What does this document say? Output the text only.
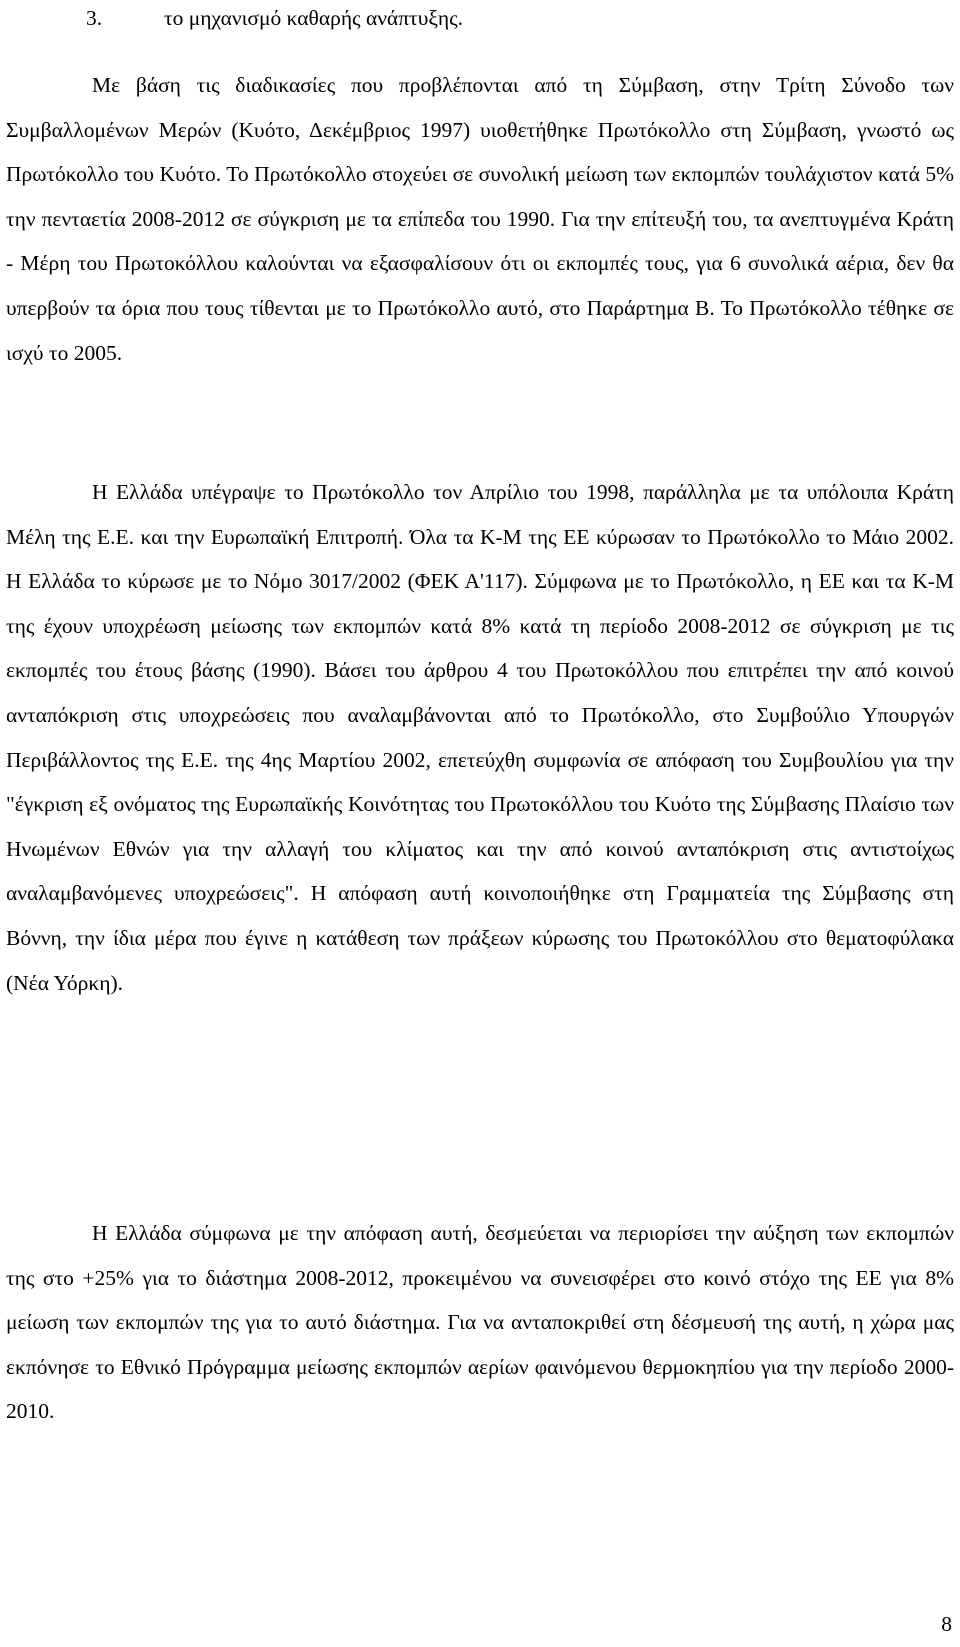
3.	το μηχανισμό καθαρής ανάπτυξης.

Με βάση τις διαδικασίες που προβλέπονται από τη Σύμβαση, στην Τρίτη Σύνοδο των Συμβαλλομένων Μερών (Κυότο, Δεκέμβριος 1997) υιοθετήθηκε Πρωτόκολλο στη Σύμβαση, γνωστό ως Πρωτόκολλο του Κυότο. Το Πρωτόκολλο στοχεύει σε συνολική μείωση των εκπομπών τουλάχιστον κατά 5% την πενταετία 2008-2012 σε σύγκριση με τα επίπεδα του 1990. Για την επίτευξή του, τα ανεπτυγμένα Κράτη - Μέρη του Πρωτοκόλλου καλούνται να εξασφαλίσουν ότι οι εκπομπές τους, για 6 συνολικά αέρια, δεν θα υπερβούν τα όρια που τους τίθενται με το Πρωτόκολλο αυτό, στο Παράρτημα Β. Το Πρωτόκολλο τέθηκε σε ισχύ το 2005.

Η Ελλάδα υπέγραψε το Πρωτόκολλο τον Απρίλιο του 1998, παράλληλα με τα υπόλοιπα Κράτη Μέλη της Ε.Ε. και την Ευρωπαϊκή Επιτροπή. Όλα τα Κ-Μ της ΕΕ κύρωσαν το Πρωτόκολλο το Μάιο 2002. Η Ελλάδα το κύρωσε με το Νόμο 3017/2002 (ΦΕΚ Α'117). Σύμφωνα με το Πρωτόκολλο, η ΕΕ και τα Κ-Μ της έχουν υποχρέωση μείωσης των εκπομπών κατά 8% κατά τη περίοδο 2008-2012 σε σύγκριση με τις εκπομπές του έτους βάσης (1990). Βάσει του άρθρου 4 του Πρωτοκόλλου που επιτρέπει την από κοινού ανταπόκριση στις υποχρεώσεις που αναλαμβάνονται από το Πρωτόκολλο, στο Συμβούλιο Υπουργών Περιβάλλοντος της Ε.Ε. της 4ης Μαρτίου 2002, επετεύχθη συμφωνία σε απόφαση του Συμβουλίου για την "έγκριση εξ ονόματος της Ευρωπαϊκής Κοινότητας του Πρωτοκόλλου του Κυότο της Σύμβασης Πλαίσιο των Ηνωμένων Εθνών για την αλλαγή του κλίματος και την από κοινού ανταπόκριση στις αντιστοίχως αναλαμβανόμενες υποχρεώσεις". Η απόφαση αυτή κοινοποιήθηκε στη Γραμματεία της Σύμβασης στη Βόννη, την ίδια μέρα που έγινε η κατάθεση των πράξεων κύρωσης του Πρωτοκόλλου στο θεματοφύλακα (Νέα Υόρκη).

Η Ελλάδα σύμφωνα με την απόφαση αυτή, δεσμεύεται να περιορίσει την αύξηση των εκπομπών της στο +25% για το διάστημα 2008-2012, προκειμένου να συνεισφέρει στο κοινό στόχο της ΕΕ για 8% μείωση των εκπομπών της για το αυτό διάστημα. Για να ανταποκριθεί στη δέσμευσή της αυτή, η χώρα μας εκπόνησε το Εθνικό Πρόγραμμα μείωσης εκπομπών αερίων φαινόμενου θερμοκηπίου για την περίοδο 2000-2010.

8
